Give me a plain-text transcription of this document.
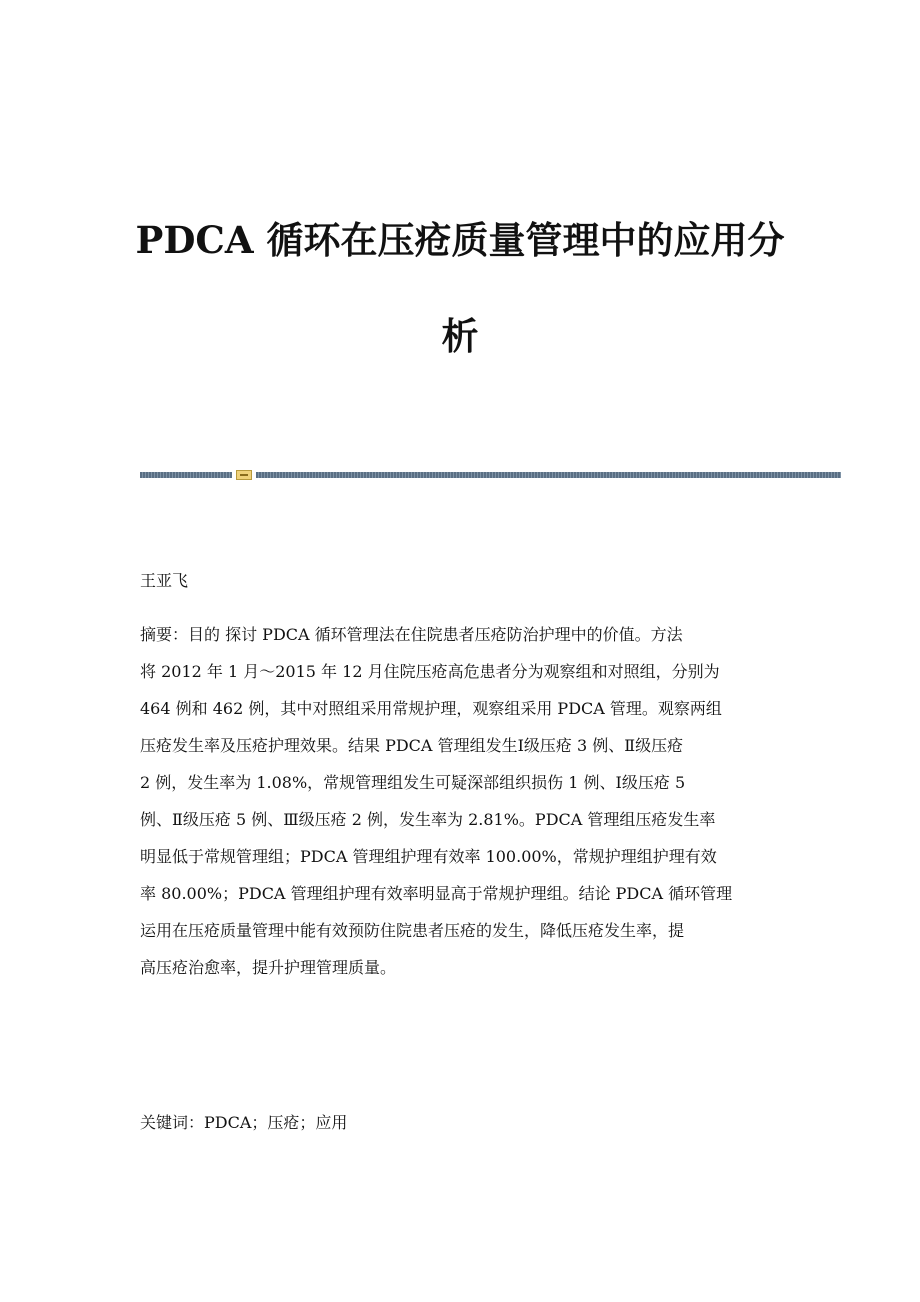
PDCA 循环在压疮质量管理中的应用分
析

王亚飞

摘要：目的 探讨 PDCA 循环管理法在住院患者压疮防治护理中的价值。方法
将 2012 年 1 月～2015 年 12 月住院压疮高危患者分为观察组和对照组，分别为
464 例和 462 例，其中对照组采用常规护理，观察组采用 PDCA 管理。观察两组
压疮发生率及压疮护理效果。结果 PDCA 管理组发生Ⅰ级压疮 3 例、Ⅱ级压疮
2 例，发生率为 1.08%，常规管理组发生可疑深部组织损伤 1 例、Ⅰ级压疮 5
例、Ⅱ级压疮 5 例、Ⅲ级压疮 2 例，发生率为 2.81%。PDCA 管理组压疮发生率
明显低于常规管理组；PDCA 管理组护理有效率 100.00%，常规护理组护理有效
率 80.00%；PDCA 管理组护理有效率明显高于常规护理组。结论 PDCA 循环管理
运用在压疮质量管理中能有效预防住院患者压疮的发生，降低压疮发生率，提
高压疮治愈率，提升护理管理质量。

关键词：PDCA；压疮；应用
